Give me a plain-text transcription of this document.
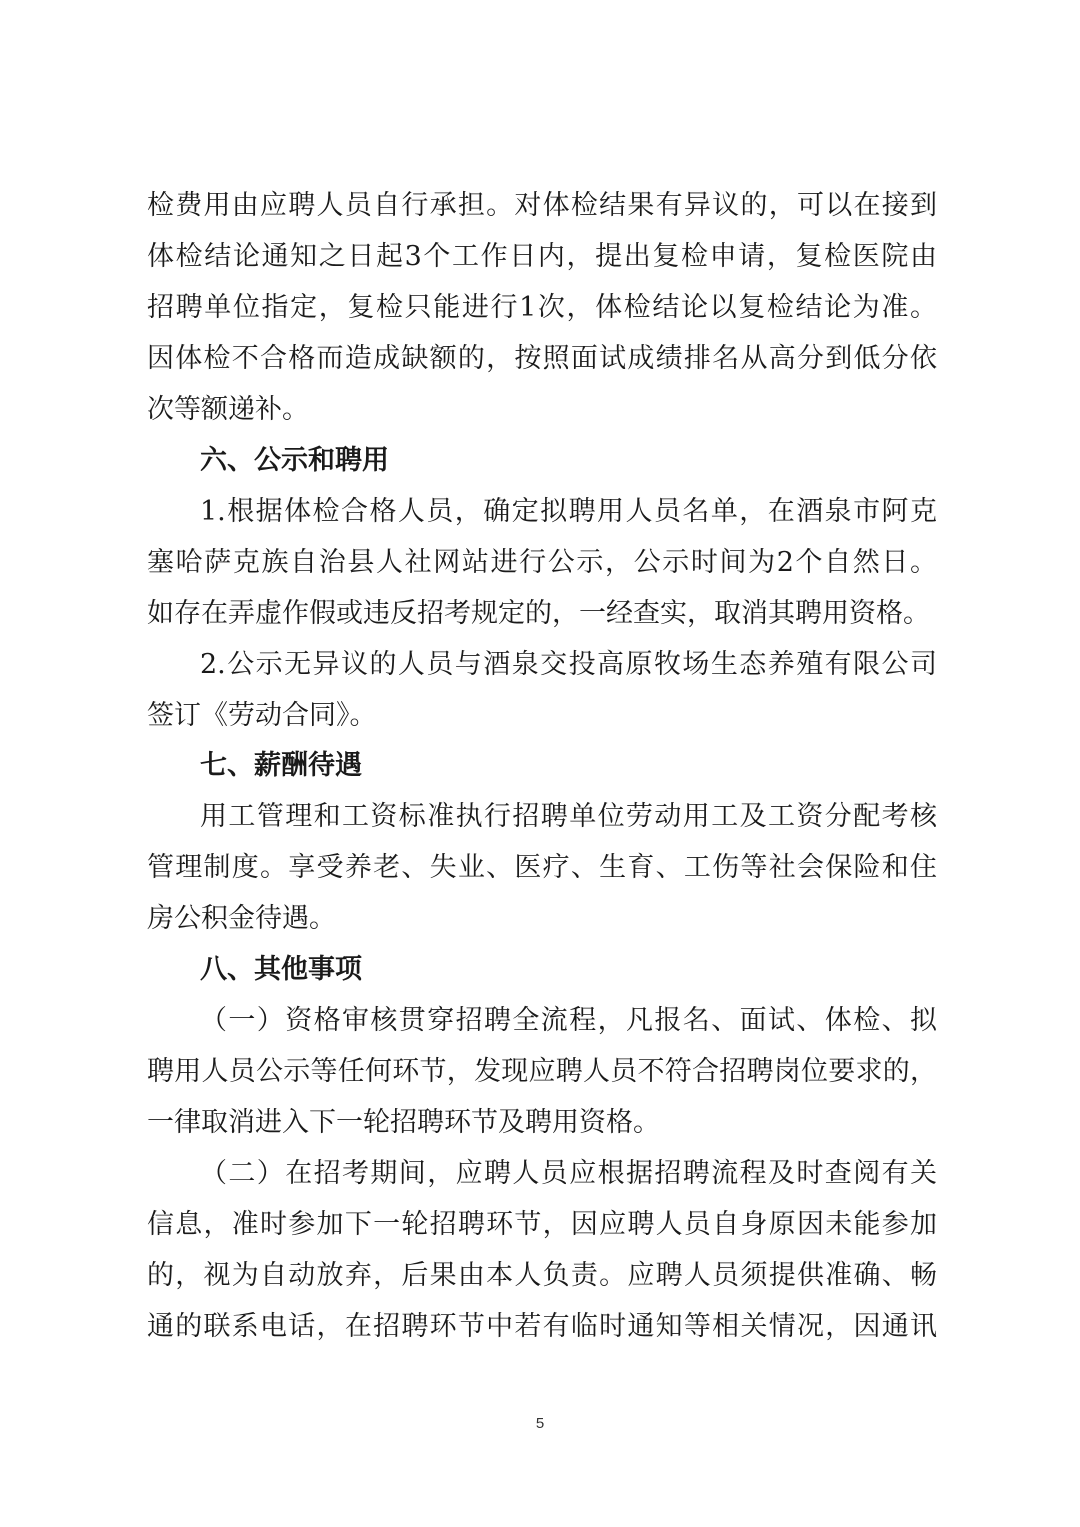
检费用由应聘人员自行承担。对体检结果有异议的，可以在接到
体检结论通知之日起3个工作日内，提出复检申请，复检医院由
招聘单位指定，复检只能进行1次，体检结论以复检结论为准。
因体检不合格而造成缺额的，按照面试成绩排名从高分到低分依
次等额递补。
六、公示和聘用
1.根据体检合格人员，确定拟聘用人员名单，在酒泉市阿克
塞哈萨克族自治县人社网站进行公示，公示时间为2个自然日。
如存在弄虚作假或违反招考规定的，一经查实，取消其聘用资格。
2.公示无异议的人员与酒泉交投高原牧场生态养殖有限公司
签订《劳动合同》。
七、薪酬待遇
用工管理和工资标准执行招聘单位劳动用工及工资分配考核
管理制度。享受养老、失业、医疗、生育、工伤等社会保险和住
房公积金待遇。
八、其他事项
（一）资格审核贯穿招聘全流程，凡报名、面试、体检、拟
聘用人员公示等任何环节，发现应聘人员不符合招聘岗位要求的，
一律取消进入下一轮招聘环节及聘用资格。
（二）在招考期间，应聘人员应根据招聘流程及时查阅有关
信息，准时参加下一轮招聘环节，因应聘人员自身原因未能参加
的，视为自动放弃，后果由本人负责。应聘人员须提供准确、畅
通的联系电话，在招聘环节中若有临时通知等相关情况，因通讯
5
